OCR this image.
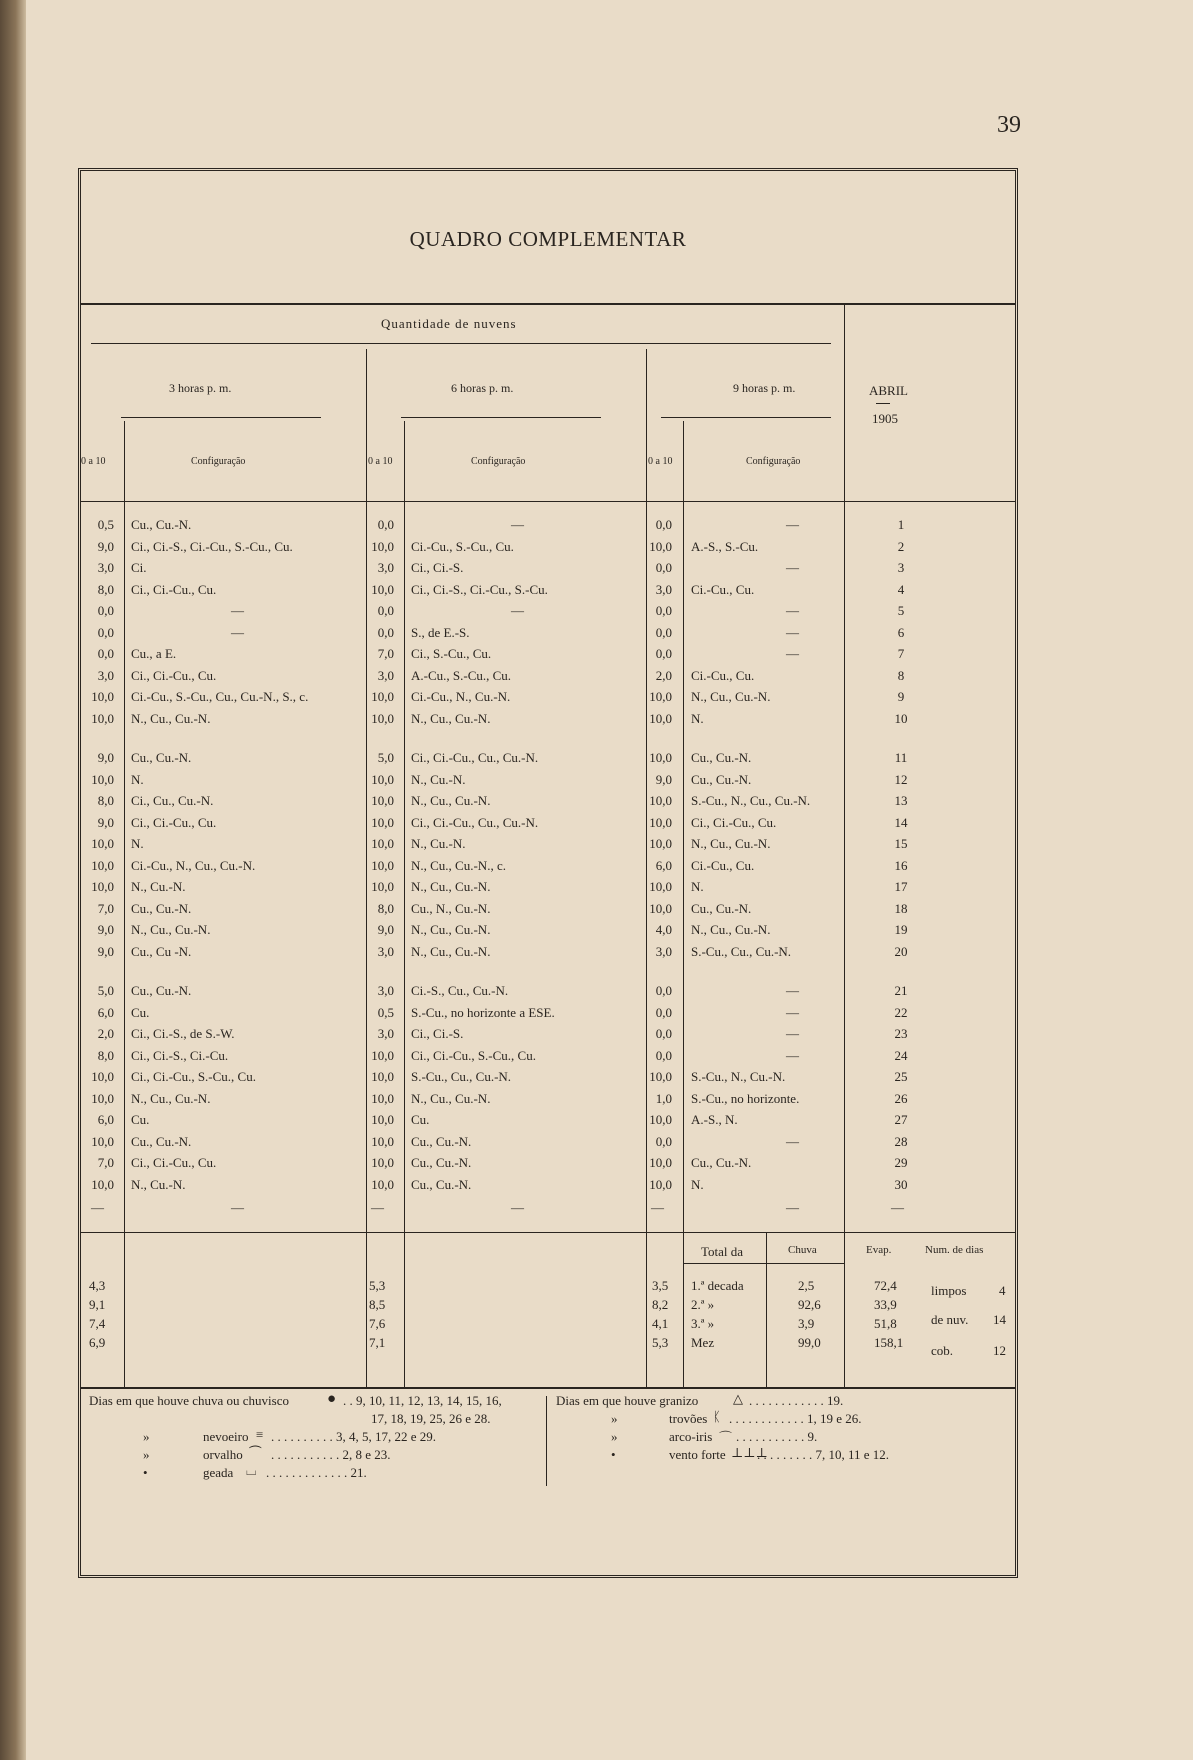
39
QUADRO COMPLEMENTAR
Quantidade de nuvens
3 horas p. m.	6 horas p. m.	9 horas p. m.	ABRIL
1905
0 a 10	Configuração	0 a 10	Configuração	0 a 10	Configuração
0,5 Cu., Cu.-N.	0,0	—	0,0	—	1
9,0 Ci., Ci.-S., Ci.-Cu., S.-Cu., Cu.	10,0 Ci.-Cu., S.-Cu., Cu.	10,0 A.-S., S.-Cu.	2
3,0 Ci.	3,0 Ci., Ci.-S.	0,0	—	3
8,0 Ci., Ci.-Cu., Cu.	10,0 Ci., Ci.-S., Ci.-Cu., S.-Cu.	3,0 Ci.-Cu., Cu.	4
0,0	—	0,0	—	0,0	—	5
0,0	—	0,0 S., de E.-S.	0,0	—	6
0,0 Cu., a E.	7,0 Ci., S.-Cu., Cu.	0,0	—	7
3,0 Ci., Ci.-Cu., Cu.	3,0 A.-Cu., S.-Cu., Cu.	2,0 Ci.-Cu., Cu.	8
10,0 Ci.-Cu., S.-Cu., Cu., Cu.-N., S., c.	10,0 Ci.-Cu., N., Cu.-N.	10,0 N., Cu., Cu.-N.	9
10,0 N., Cu., Cu.-N.	10,0 N., Cu., Cu.-N.	10,0 N.	10
9,0 Cu., Cu.-N.	5,0 Ci., Ci.-Cu., Cu., Cu.-N.	10,0 Cu., Cu.-N.	11
10,0 N.	10,0 N., Cu.-N.	9,0 Cu., Cu.-N.	12
8,0 Ci., Cu., Cu.-N.	10,0 N., Cu., Cu.-N.	10,0 S.-Cu., N., Cu., Cu.-N.	13
9,0 Ci., Ci.-Cu., Cu.	10,0 Ci., Ci.-Cu., Cu., Cu.-N.	10,0 Ci., Ci.-Cu., Cu.	14
10,0 N.	10,0 N., Cu.-N.	10,0 N., Cu., Cu.-N.	15
10,0 Ci.-Cu., N., Cu., Cu.-N.	10,0 N., Cu., Cu.-N., c.	6,0 Ci.-Cu., Cu.	16
10,0 N., Cu.-N.	10,0 N., Cu., Cu.-N.	10,0 N.	17
7,0 Cu., Cu.-N.	8,0 Cu., N., Cu.-N.	10,0 Cu., Cu.-N.	18
9,0 N., Cu., Cu.-N.	9,0 N., Cu., Cu.-N.	4,0 N., Cu., Cu.-N.	19
9,0 Cu., Cu -N.	3,0 N., Cu., Cu.-N.	3,0 S.-Cu., Cu., Cu.-N.	20
5,0 Cu., Cu.-N.	3,0 Ci.-S., Cu., Cu.-N.	0,0	—	21
6,0 Cu.	0,5 S.-Cu., no horizonte a ESE.	0,0	—	22
2,0 Ci., Ci.-S., de S.-W.	3,0 Ci., Ci.-S.	0,0	—	23
8,0 Ci., Ci.-S., Ci.-Cu.	10,0 Ci., Ci.-Cu., S.-Cu., Cu.	0,0	—	24
10,0 Ci., Ci.-Cu., S.-Cu., Cu.	10,0 S.-Cu., Cu., Cu.-N.	10,0 S.-Cu., N., Cu.-N.	25
10,0 N., Cu., Cu.-N.	10,0 N., Cu., Cu.-N.	1,0 S.-Cu., no horizonte.	26
6,0 Cu.	10,0 Cu.	10,0 A.-S., N.	27
10,0 Cu., Cu.-N.	10,0 Cu., Cu.-N.	0,0	—	28
7,0 Ci., Ci.-Cu., Cu.	10,0 Cu., Cu.-N.	10,0 Cu., Cu.-N.	29
10,0 N., Cu.-N.	10,0 Cu., Cu.-N.	10,0 N.	30
—	—	—	—	—	—	—
Total da	Chuva	Evap.	Num. de dias
4,3	5,3	3,5 1.ª decada	2,5	72,4
9,1	8,5	8,2 2.ª »	92,6	33,9
7,4	7,6	4,1 3.ª »	3,9	51,8
6,9	7,1	5,3 Mez	99,0	158,1
limpos	4
de nuv. 14
cob.	12
Dias em que houve chuva ou chuvisco	● . . 9, 10, 11, 12, 13, 14, 15, 16,
17, 18, 19, 25, 26 e 28.
»	nevoeiro ≡ . . . . . . . . . . 3, 4, 5, 17, 22 e 29.
»	orvalho ⏜ . . . . . . . . . . . 2, 8 e 23.
•	geada ⌴ . . . . . . . . . . . . . 21.
Dias em que houve granizo	△ . . . . . . . . . . . . 19.
»	trovões ᛕ . . . . . . . . . . . . 1, 19 e 26.
»	arco-iris ⌒ . . . . . . . . . . . 9.
•	vento forte ⊥⊥⊥
. . . . . . . . . 7, 10, 11 e 12.
